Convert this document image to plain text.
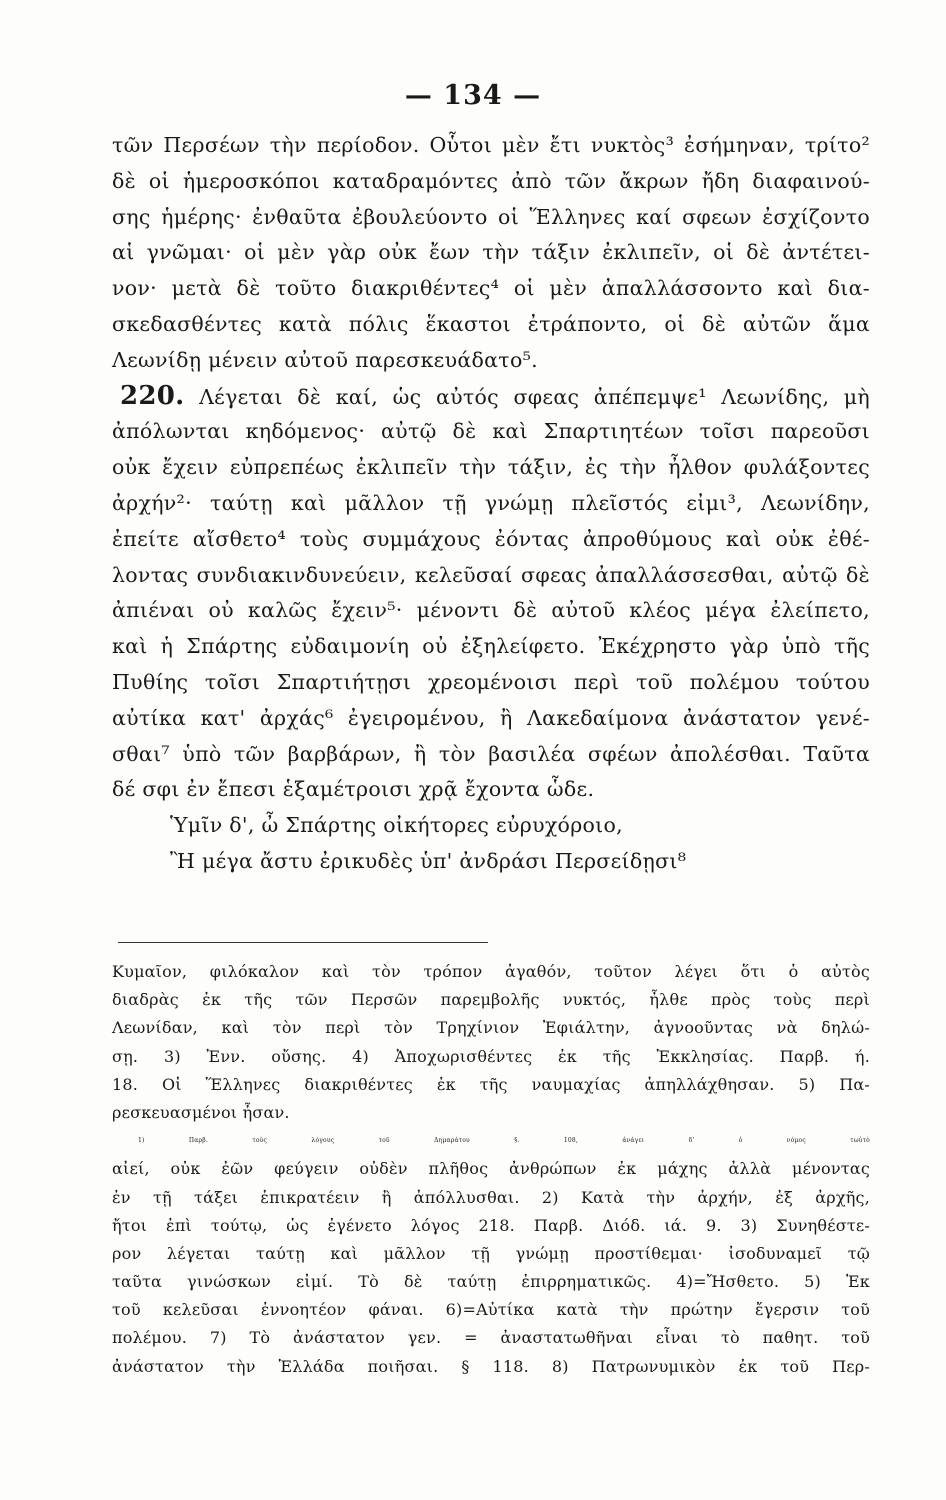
— 134 —
τῶν Περσέων τὴν περίοδον. Οὗτοι μὲν ἔτι νυκτὸς³ ἐσήμηναν, τρίτο²
δὲ οἱ ἡμεροσκόποι καταδραμόντες ἀπὸ τῶν ἄκρων ἤδη διαφαινού-
σης ἡμέρης· ἐνθαῦτα ἐβουλεύοντο οἱ Ἕλληνες καί σφεων ἐσχίζοντο
αἱ γνῶμαι· οἱ μὲν γὰρ οὐκ ἔων τὴν τάξιν ἐκλιπεῖν, οἱ δὲ ἀντέτει-
νον· μετὰ δὲ τοῦτο διακριθέντες⁴ οἱ μὲν ἀπαλλάσσοντο καὶ δια-
σκεδασθέντες κατὰ πόλις ἕκαστοι ἐτράποντο, οἱ δὲ αὐτῶν ἅμα
Λεωνίδῃ μένειν αὐτοῦ παρεσκευάδατο⁵.
220. Λέγεται δὲ καί, ὡς αὐτός σφεας ἀπέπεμψε¹ Λεωνίδης, μὴ
ἀπόλωνται κηδόμενος· αὐτῷ δὲ καὶ Σπαρτιητέων τοῖσι παρεοῦσι
οὐκ ἔχειν εὐπρεπέως ἐκλιπεῖν τὴν τάξιν, ἐς τὴν ἦλθον φυλάξοντες
ἀρχήν²· ταύτῃ καὶ μᾶλλον τῇ γνώμῃ πλεῖστός εἰμι³, Λεωνίδην,
ἐπείτε αἴσθετο⁴ τοὺς συμμάχους ἐόντας ἀπροθύμους καὶ οὐκ ἐθέ-
λοντας συνδιακινδυνεύειν, κελεῦσαί σφεας ἀπαλλάσσεσθαι, αὐτῷ δὲ
ἀπιέναι οὐ καλῶς ἔχειν⁵· μένοντι δὲ αὐτοῦ κλέος μέγα ἐλείπετο,
καὶ ἡ Σπάρτης εὐδαιμονίη οὐ ἐξηλείφετο. Ἐκέχρηστο γὰρ ὑπὸ τῆς
Πυθίης τοῖσι Σπαρτιήτῃσι χρεομένοισι περὶ τοῦ πολέμου τούτου
αὐτίκα κατ' ἀρχάς⁶ ἐγειρομένου, ἢ Λακεδαίμονα ἀνάστατον γενέ-
σθαι⁷ ὑπὸ τῶν βαρβάρων, ἢ τὸν βασιλέα σφέων ἀπολέσθαι. Ταῦτα
δέ σφι ἐν ἔπεσι ἑξαμέτροισι χρᾷ ἔχοντα ὧδε.
Ὑμῖν δ', ὦ Σπάρτης οἰκήτορες εὐρυχόροιο,
Ἢ μέγα ἄστυ ἐρικυδὲς ὑπ' ἀνδράσι Περσείδῃσι⁸
Κυμαῖον, φιλόκαλον καὶ τὸν τρόπον ἀγαθόν, τοῦτον λέγει ὅτι ὁ αὐτὸς
διαδρὰς ἐκ τῆς τῶν Περσῶν παρεμβολῆς νυκτός, ἦλθε πρὸς τοὺς περὶ
Λεωνίδαν, καὶ τὸν περὶ τὸν Τρηχίνιον Ἐφιάλτην, ἀγνοοῦντας νὰ δηλώ-
σῃ. 3) Ἐνν. οὔσης. 4) Ἀποχωρισθέντες ἐκ τῆς Ἐκκλησίας. Παρβ. ή.
18. Οἱ Ἕλληνες διακριθέντες ἐκ τῆς ναυμαχίας ἀπηλλάχθησαν. 5) Πα-
ρεσκευασμένοι ἦσαν.
1) Παρβ. τοὺς λόγους τοῦ Δημαράτου §. 108, ἀνάγει δ' ὁ νόμος τωὐτὸ
αἰεί, οὐκ ἐῶν φεύγειν οὐδὲν πλῆθος ἀνθρώπων ἐκ μάχης ἀλλὰ μένοντας
ἐν τῇ τάξει ἐπικρατέειν ἢ ἀπόλλυσθαι. 2) Κατὰ τὴν ἀρχήν, ἐξ ἀρχῆς,
ἤτοι ἐπὶ τούτῳ, ὡς ἐγένετο λόγος 218. Παρβ. Διόδ. ιά. 9. 3) Συνηθέστε-
ρον λέγεται ταύτῃ καὶ μᾶλλον τῇ γνώμῃ προστίθεμαι· ἰσοδυναμεῖ τῷ
ταῦτα γινώσκων εἰμί. Τὸ δὲ ταύτῃ ἐπιρρηματικῶς. 4)=Ἤσθετο. 5) Ἐκ
τοῦ κελεῦσαι ἐννοητέον φάναι. 6)=Αὐτίκα κατὰ τὴν πρώτην ἔγερσιν τοῦ
πολέμου. 7) Τὸ ἀνάστατον γεν. = ἀναστατωθῆναι εἶναι τὸ παθητ. τοῦ
ἀνάστατον τὴν Ἑλλάδα ποιῆσαι. § 118. 8) Πατρωνυμικὸν ἐκ τοῦ Περ-
